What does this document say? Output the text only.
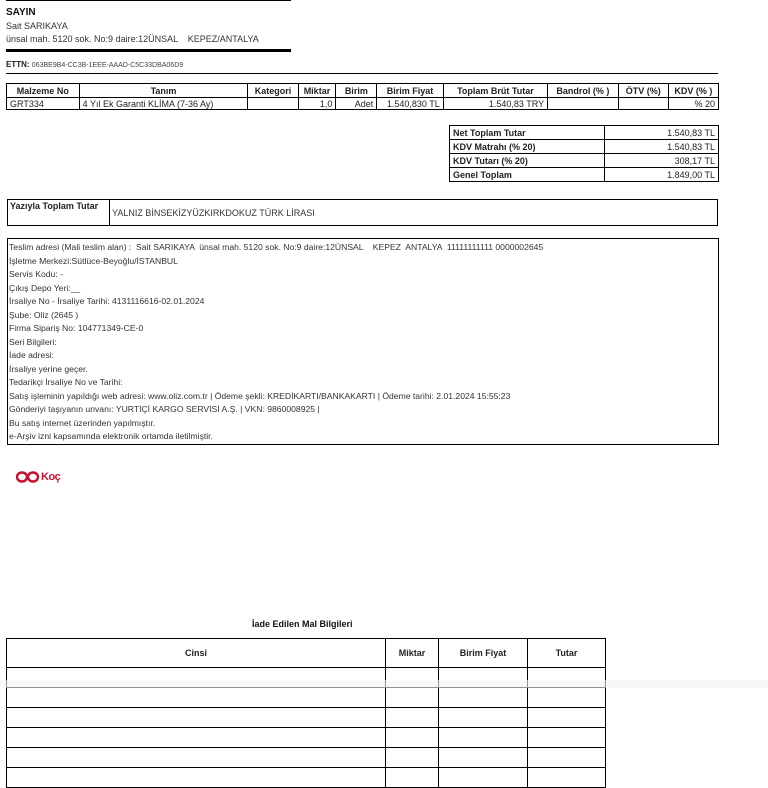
SAYIN
Sait SARIKAYA
ünsal mah. 5120 sok. No:9 daire:12ÜNSAL    KEPEZ/ANTALYA
ETTN: 063BE9B4-CC3B-1EEE-AAAD-C5C33DBA06D9
Malzeme No	Tanım	Kategori	Miktar	Birim	Birim Fiyat	Toplam Brüt Tutar	Bandrol (% )	ÖTV (%)	KDV (% )
GRT334	4 Yıl Ek Garanti KLİMA (7-36 Ay)		1,0	Adet	1.540,830 TL	1.540,83 TRY			% 20
Net Toplam Tutar	1.540,83 TL
KDV Matrahı (% 20)	1.540,83 TL
KDV Tutarı (% 20)	308,17 TL
Genel Toplam	1.849,00 TL
Yazıyla Toplam Tutar
YALNIZ BİNSEKİZYÜZKIRKDOKUZ TÜRK LİRASI
Teslim adresi (Mali teslim alan) :  Sait SARIKAYA  ünsal mah. 5120 sok. No:9 daire:12ÜNSAL    KEPEZ  ANTALYA  11111111111 0000002645
İşletme Merkezi:Sütlüce-Beyoğlu/İSTANBUL
Servis Kodu: -
Çıkış Depo Yeri:__
İrsaliye No - İrsaliye Tarihi: 4131116616-02.01.2024
Şube: Oliz (2645 )
Firma Sipariş No: 104771349-CE-0
Seri Bilgileri:
İade adresi:
İrsaliye yerine geçer.
Tedarikçi İrsaliye No ve Tarihi:
Satış işleminin yapıldığı web adresi: www.oliz.com.tr | Ödeme şekli: KREDİKARTI/BANKAKARTI | Ödeme tarihi: 2.01.2024 15:55:23
Gönderiyi taşıyanın unvanı: YURTİÇİ KARGO SERVİSİ A.Ş. | VKN: 9860008925 |
Bu satış internet üzerinden yapılmıştır.
e-Arşiv izni kapsamında elektronik ortamda iletilmiştir.
Koç
İade Edilen Mal Bilgileri
Cinsi	Miktar	Birim Fiyat	Tutar
